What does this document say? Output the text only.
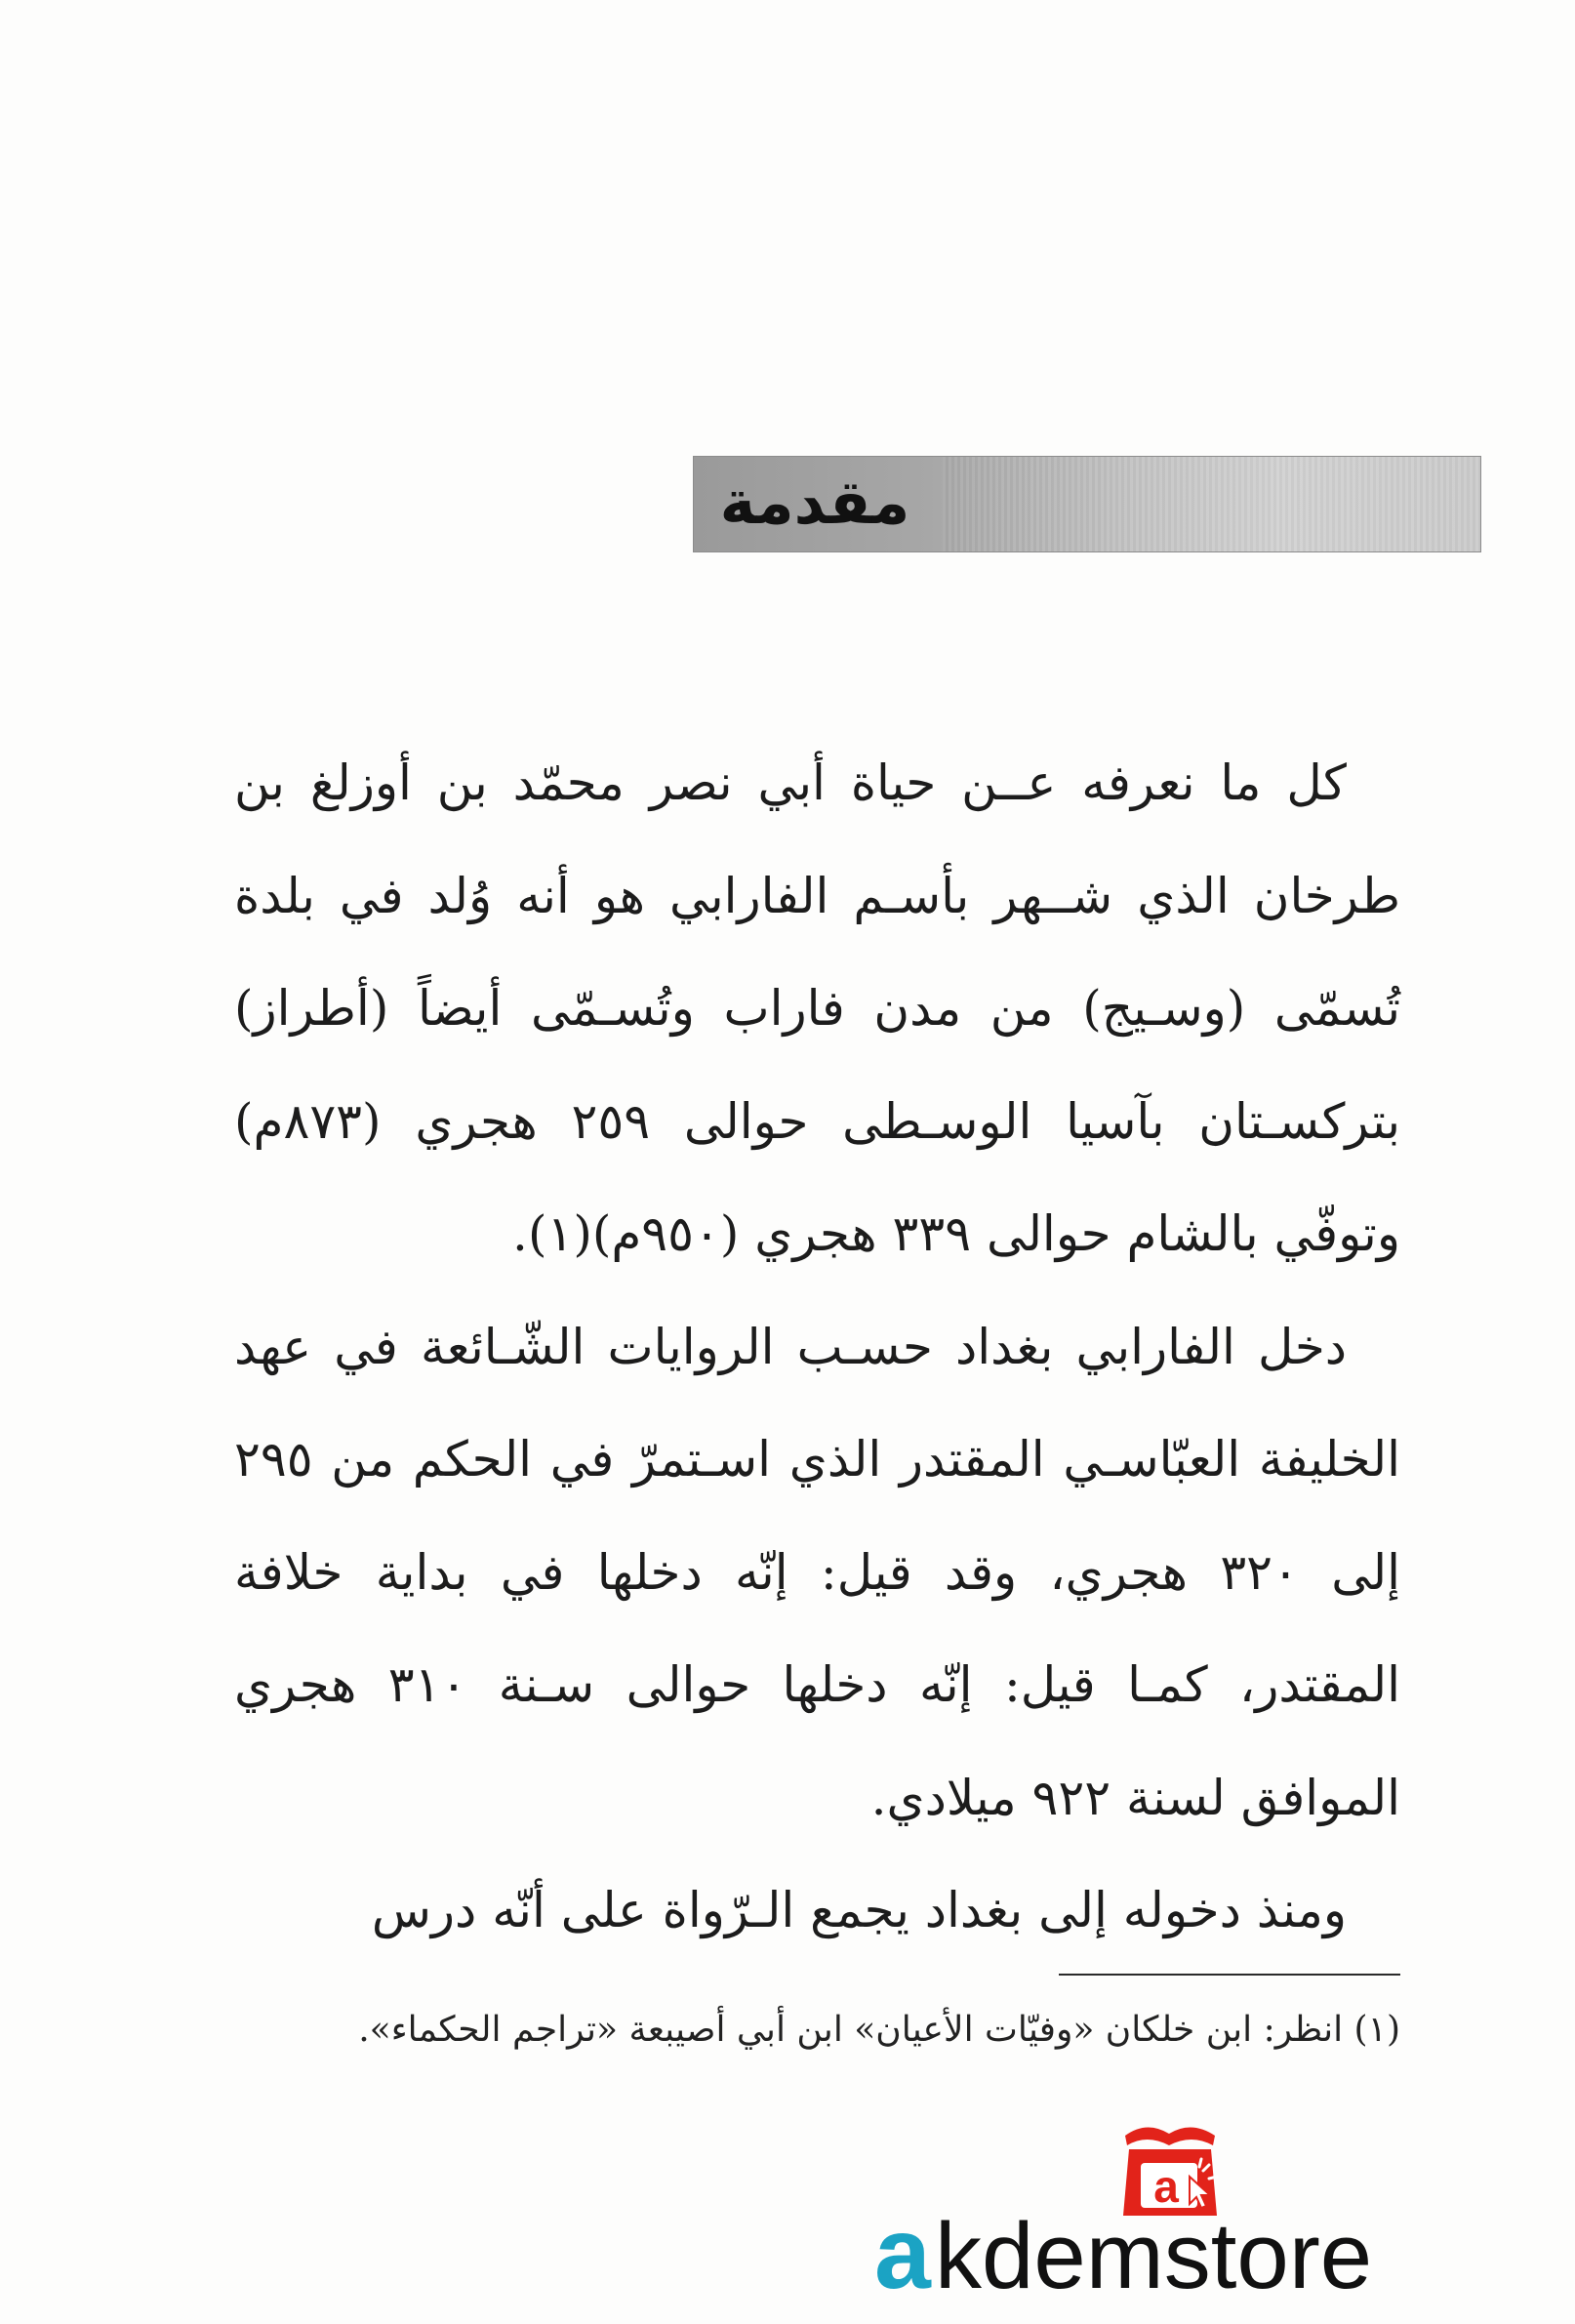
مقدمة

كل ما نعرفه عــن حياة أبي نصر محمّد بن أوزلغ بن طرخان الذي شــهر بأسـم الفارابي هو أنه وُلد في بلدة تُسمّى (وسـيج) من مدن فاراب وتُسـمّى أيضاً (أطراز) بتركسـتان بآسيا الوسـطى حوالى ٢٥٩ هجري (٨٧٣م) وتوفّي بالشام حوالى ٣٣٩ هجري (٩٥٠م)(١).

دخل الفارابي بغداد حسـب الروايات الشّـائعة في عهد الخليفة العبّاسـي المقتدر الذي اسـتمرّ في الحكم من ٢٩٥ إلى ٣٢٠ هجري، وقد قيل: إنّه دخلها في بداية خلافة المقتدر، كمـا قيل: إنّه دخلها حوالى سـنة ٣١٠ هجري الموافق لسنة ٩٢٢ ميلادي.

ومنذ دخوله إلى بغداد يجمع الـرّواة على أنّه درس

(١) انظر: ابن خلكان «وفيّات الأعيان» ابن أبي أصيبعة «تراجم الحكماء».
a
a kdemstore
